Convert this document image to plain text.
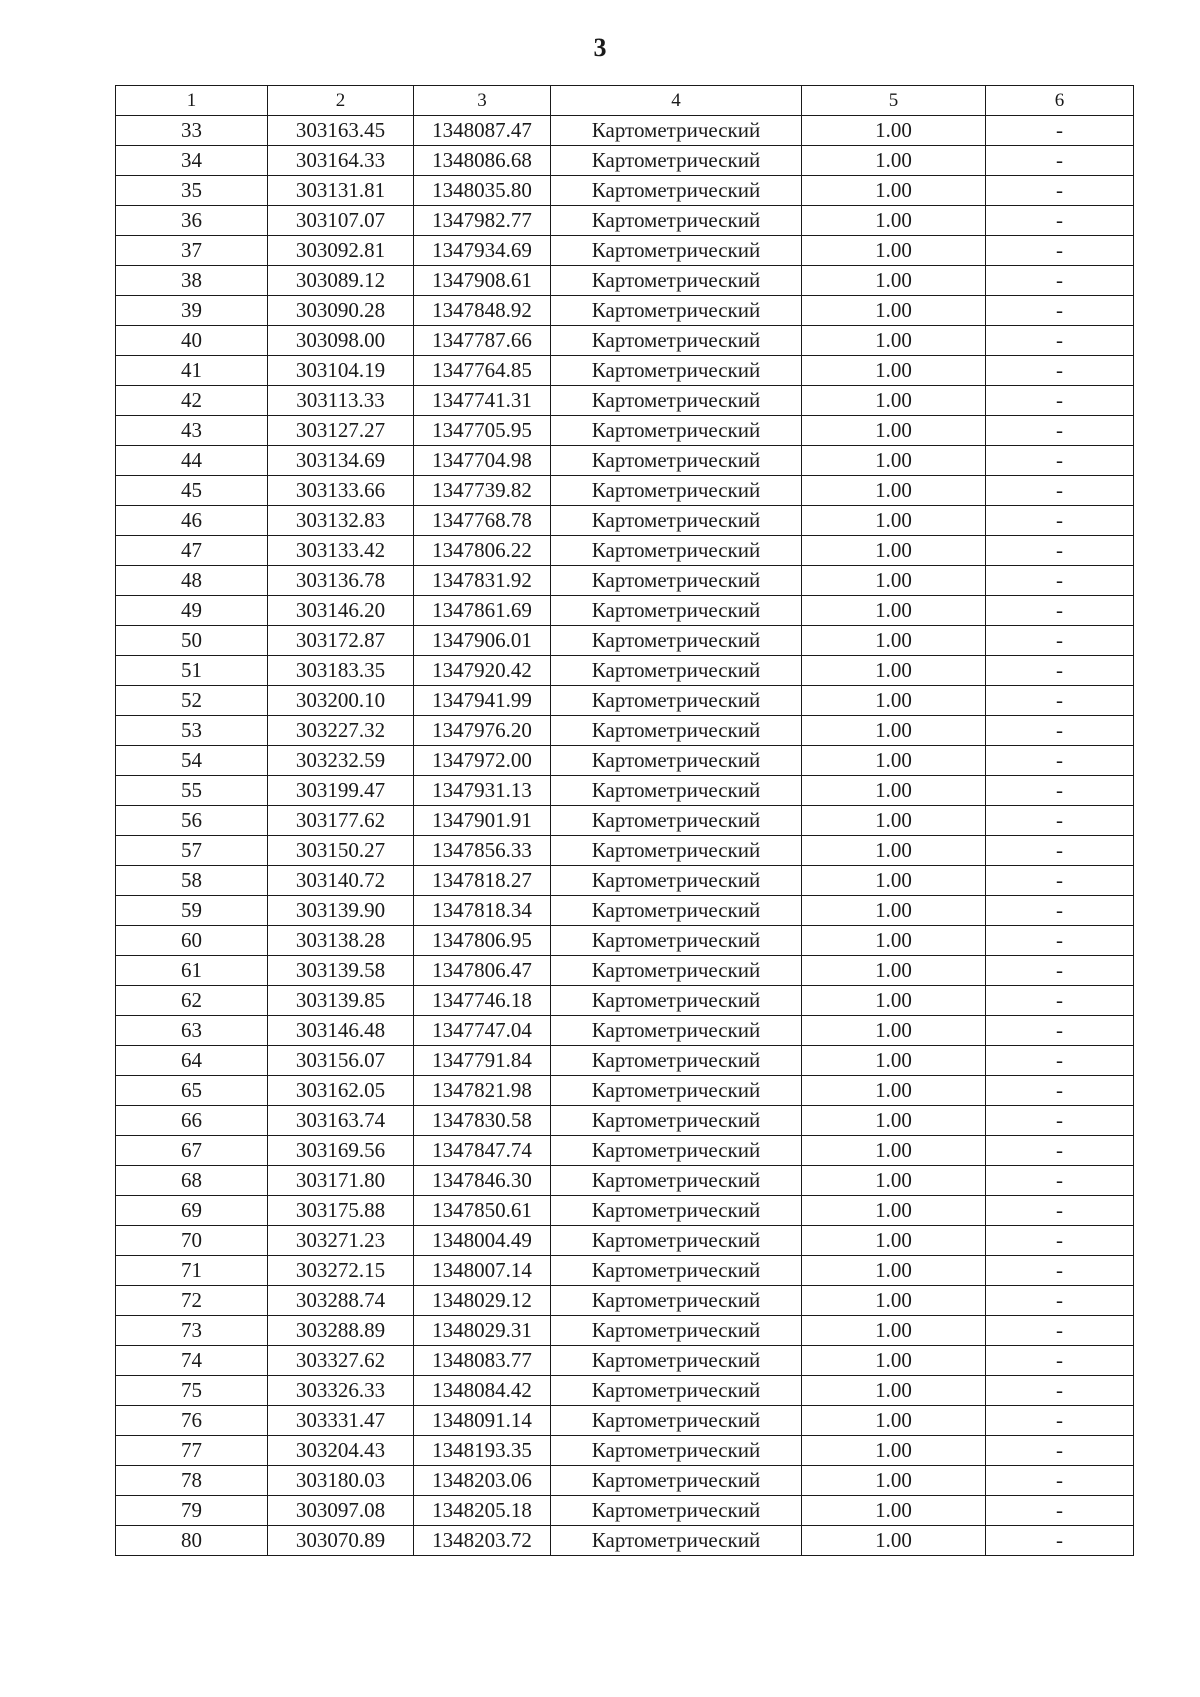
3
1	2	3	4	5	6
33	303163.45	1348087.47	Картометрический	1.00	-
34	303164.33	1348086.68	Картометрический	1.00	-
35	303131.81	1348035.80	Картометрический	1.00	-
36	303107.07	1347982.77	Картометрический	1.00	-
37	303092.81	1347934.69	Картометрический	1.00	-
38	303089.12	1347908.61	Картометрический	1.00	-
39	303090.28	1347848.92	Картометрический	1.00	-
40	303098.00	1347787.66	Картометрический	1.00	-
41	303104.19	1347764.85	Картометрический	1.00	-
42	303113.33	1347741.31	Картометрический	1.00	-
43	303127.27	1347705.95	Картометрический	1.00	-
44	303134.69	1347704.98	Картометрический	1.00	-
45	303133.66	1347739.82	Картометрический	1.00	-
46	303132.83	1347768.78	Картометрический	1.00	-
47	303133.42	1347806.22	Картометрический	1.00	-
48	303136.78	1347831.92	Картометрический	1.00	-
49	303146.20	1347861.69	Картометрический	1.00	-
50	303172.87	1347906.01	Картометрический	1.00	-
51	303183.35	1347920.42	Картометрический	1.00	-
52	303200.10	1347941.99	Картометрический	1.00	-
53	303227.32	1347976.20	Картометрический	1.00	-
54	303232.59	1347972.00	Картометрический	1.00	-
55	303199.47	1347931.13	Картометрический	1.00	-
56	303177.62	1347901.91	Картометрический	1.00	-
57	303150.27	1347856.33	Картометрический	1.00	-
58	303140.72	1347818.27	Картометрический	1.00	-
59	303139.90	1347818.34	Картометрический	1.00	-
60	303138.28	1347806.95	Картометрический	1.00	-
61	303139.58	1347806.47	Картометрический	1.00	-
62	303139.85	1347746.18	Картометрический	1.00	-
63	303146.48	1347747.04	Картометрический	1.00	-
64	303156.07	1347791.84	Картометрический	1.00	-
65	303162.05	1347821.98	Картометрический	1.00	-
66	303163.74	1347830.58	Картометрический	1.00	-
67	303169.56	1347847.74	Картометрический	1.00	-
68	303171.80	1347846.30	Картометрический	1.00	-
69	303175.88	1347850.61	Картометрический	1.00	-
70	303271.23	1348004.49	Картометрический	1.00	-
71	303272.15	1348007.14	Картометрический	1.00	-
72	303288.74	1348029.12	Картометрический	1.00	-
73	303288.89	1348029.31	Картометрический	1.00	-
74	303327.62	1348083.77	Картометрический	1.00	-
75	303326.33	1348084.42	Картометрический	1.00	-
76	303331.47	1348091.14	Картометрический	1.00	-
77	303204.43	1348193.35	Картометрический	1.00	-
78	303180.03	1348203.06	Картометрический	1.00	-
79	303097.08	1348205.18	Картометрический	1.00	-
80	303070.89	1348203.72	Картометрический	1.00	-
